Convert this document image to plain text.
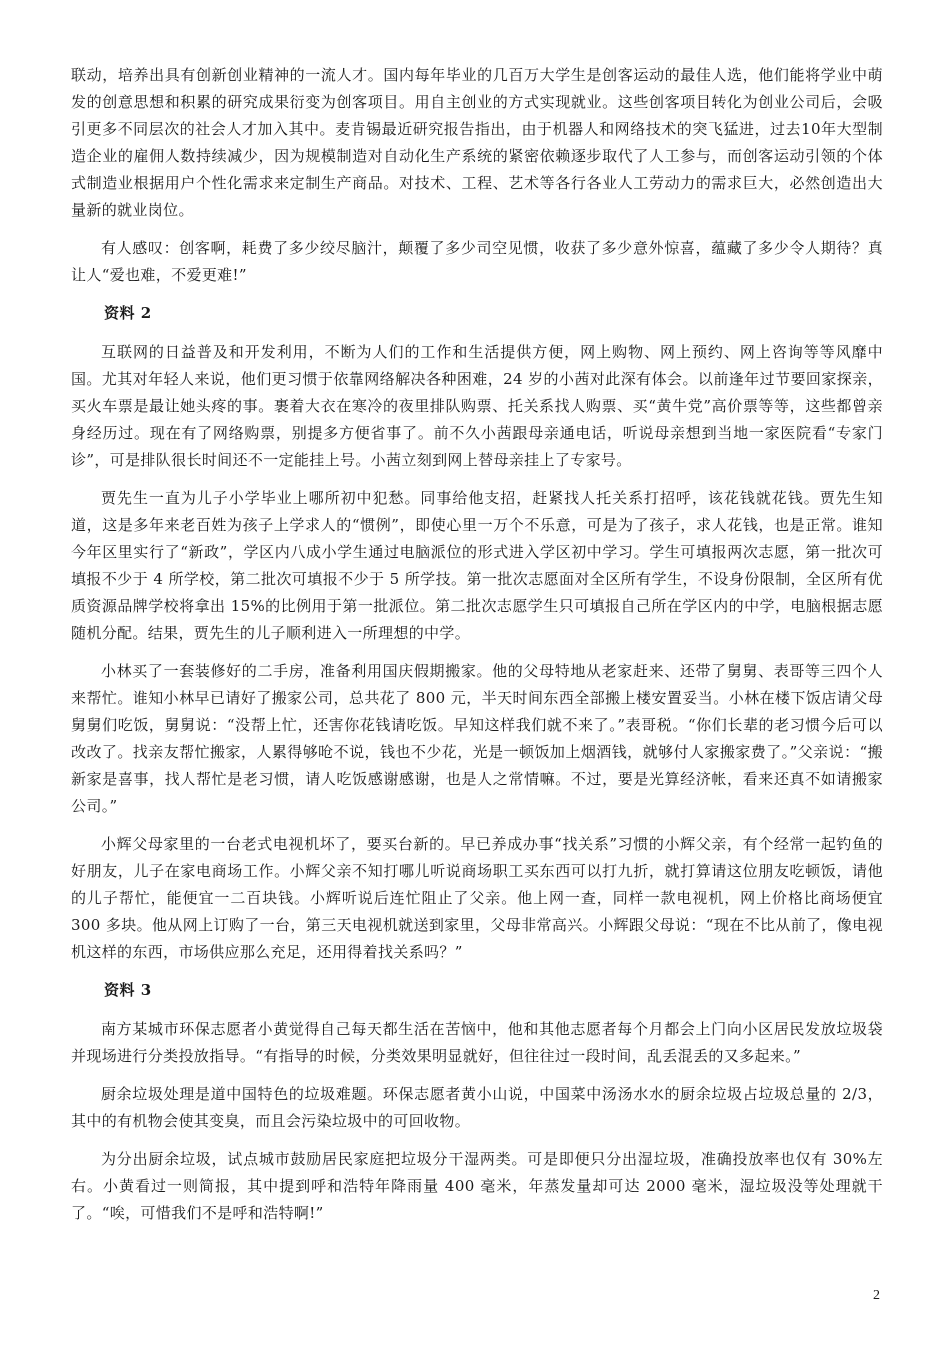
联动，培养出具有创新创业精神的一流人才。国内每年毕业的几百万大学生是创客运动的最佳人选，他们能将学业中萌发的创意思想和积累的研究成果衍变为创客项目。用自主创业的方式实现就业。这些创客项目转化为创业公司后，会吸引更多不同层次的社会人才加入其中。麦肯锡最近研究报告指出，由于机器人和网络技术的突飞猛进，过去10年大型制造企业的雇佣人数持续减少，因为规模制造对自动化生产系统的紧密依赖逐步取代了人工参与，而创客运动引领的个体式制造业根据用户个性化需求来定制生产商品。对技术、工程、艺术等各行各业人工劳动力的需求巨大，必然创造出大量新的就业岗位。

有人感叹：创客啊，耗费了多少绞尽脑汁，颠覆了多少司空见惯，收获了多少意外惊喜，蕴藏了多少令人期待？真让人“爱也难，不爱更难!”

资料 2

互联网的日益普及和开发利用，不断为人们的工作和生活提供方便，网上购物、网上预约、网上咨询等等风靡中国。尤其对年轻人来说，他们更习惯于依靠网络解决各种困难，24 岁的小茜对此深有体会。以前逢年过节要回家探亲，买火车票是最让她头疼的事。裹着大衣在寒冷的夜里排队购票、托关系找人购票、买“黄牛党”高价票等等，这些都曾亲身经历过。现在有了网络购票，别提多方便省事了。前不久小茜跟母亲通电话，听说母亲想到当地一家医院看“专家门诊”，可是排队很长时间还不一定能挂上号。小茜立刻到网上替母亲挂上了专家号。

贾先生一直为儿子小学毕业上哪所初中犯愁。同事给他支招，赶紧找人托关系打招呼，该花钱就花钱。贾先生知道，这是多年来老百姓为孩子上学求人的“惯例”，即使心里一万个不乐意，可是为了孩子，求人花钱，也是正常。谁知今年区里实行了“新政”，学区内八成小学生通过电脑派位的形式进入学区初中学习。学生可填报两次志愿，第一批次可填报不少于 4 所学校，第二批次可填报不少于 5 所学技。第一批次志愿面对全区所有学生，不设身份限制，全区所有优质资源品牌学校将拿出 15%的比例用于第一批派位。第二批次志愿学生只可填报自己所在学区内的中学，电脑根据志愿随机分配。结果，贾先生的儿子顺利进入一所理想的中学。

小林买了一套装修好的二手房，准备利用国庆假期搬家。他的父母特地从老家赶来、还带了舅舅、表哥等三四个人来帮忙。谁知小林早已请好了搬家公司，总共花了 800 元，半天时间东西全部搬上楼安置妥当。小林在楼下饭店请父母舅舅们吃饭，舅舅说：“没帮上忙，还害你花钱请吃饭。早知这样我们就不来了。”表哥税。“你们长辈的老习惯今后可以改改了。找亲友帮忙搬家，人累得够呛不说，钱也不少花，光是一顿饭加上烟酒钱，就够付人家搬家费了。”父亲说：“搬新家是喜事，找人帮忙是老习惯，请人吃饭感谢感谢，也是人之常情嘛。不过，要是光算经济帐，看来还真不如请搬家公司。”

小辉父母家里的一台老式电视机坏了，要买台新的。早已养成办事“找关系”习惯的小辉父亲，有个经常一起钓鱼的好朋友，儿子在家电商场工作。小辉父亲不知打哪儿听说商场职工买东西可以打九折，就打算请这位朋友吃顿饭，请他的儿子帮忙，能便宜一二百块钱。小辉听说后连忙阻止了父亲。他上网一查，同样一款电视机，网上价格比商场便宜 300 多块。他从网上订购了一台，第三天电视机就送到家里，父母非常高兴。小辉跟父母说：“现在不比从前了，像电视机这样的东西，市场供应那么充足，还用得着找关系吗？”

资料 3

南方某城市环保志愿者小黄觉得自己每天都生活在苦恼中，他和其他志愿者每个月都会上门向小区居民发放垃圾袋并现场进行分类投放指导。“有指导的时候，分类效果明显就好，但往往过一段时间，乱丢混丢的又多起来。”

厨余垃圾处理是道中国特色的垃圾难题。环保志愿者黄小山说，中国菜中汤汤水水的厨余垃圾占垃圾总量的 2/3，其中的有机物会使其变臭，而且会污染垃圾中的可回收物。

为分出厨余垃圾，试点城市鼓励居民家庭把垃圾分干湿两类。可是即便只分出湿垃圾，准确投放率也仅有 30%左右。小黄看过一则简报，其中提到呼和浩特年降雨量 400 毫米，年蒸发量却可达 2000 毫米，湿垃圾没等处理就干了。“唉，可惜我们不是呼和浩特啊!”

2
